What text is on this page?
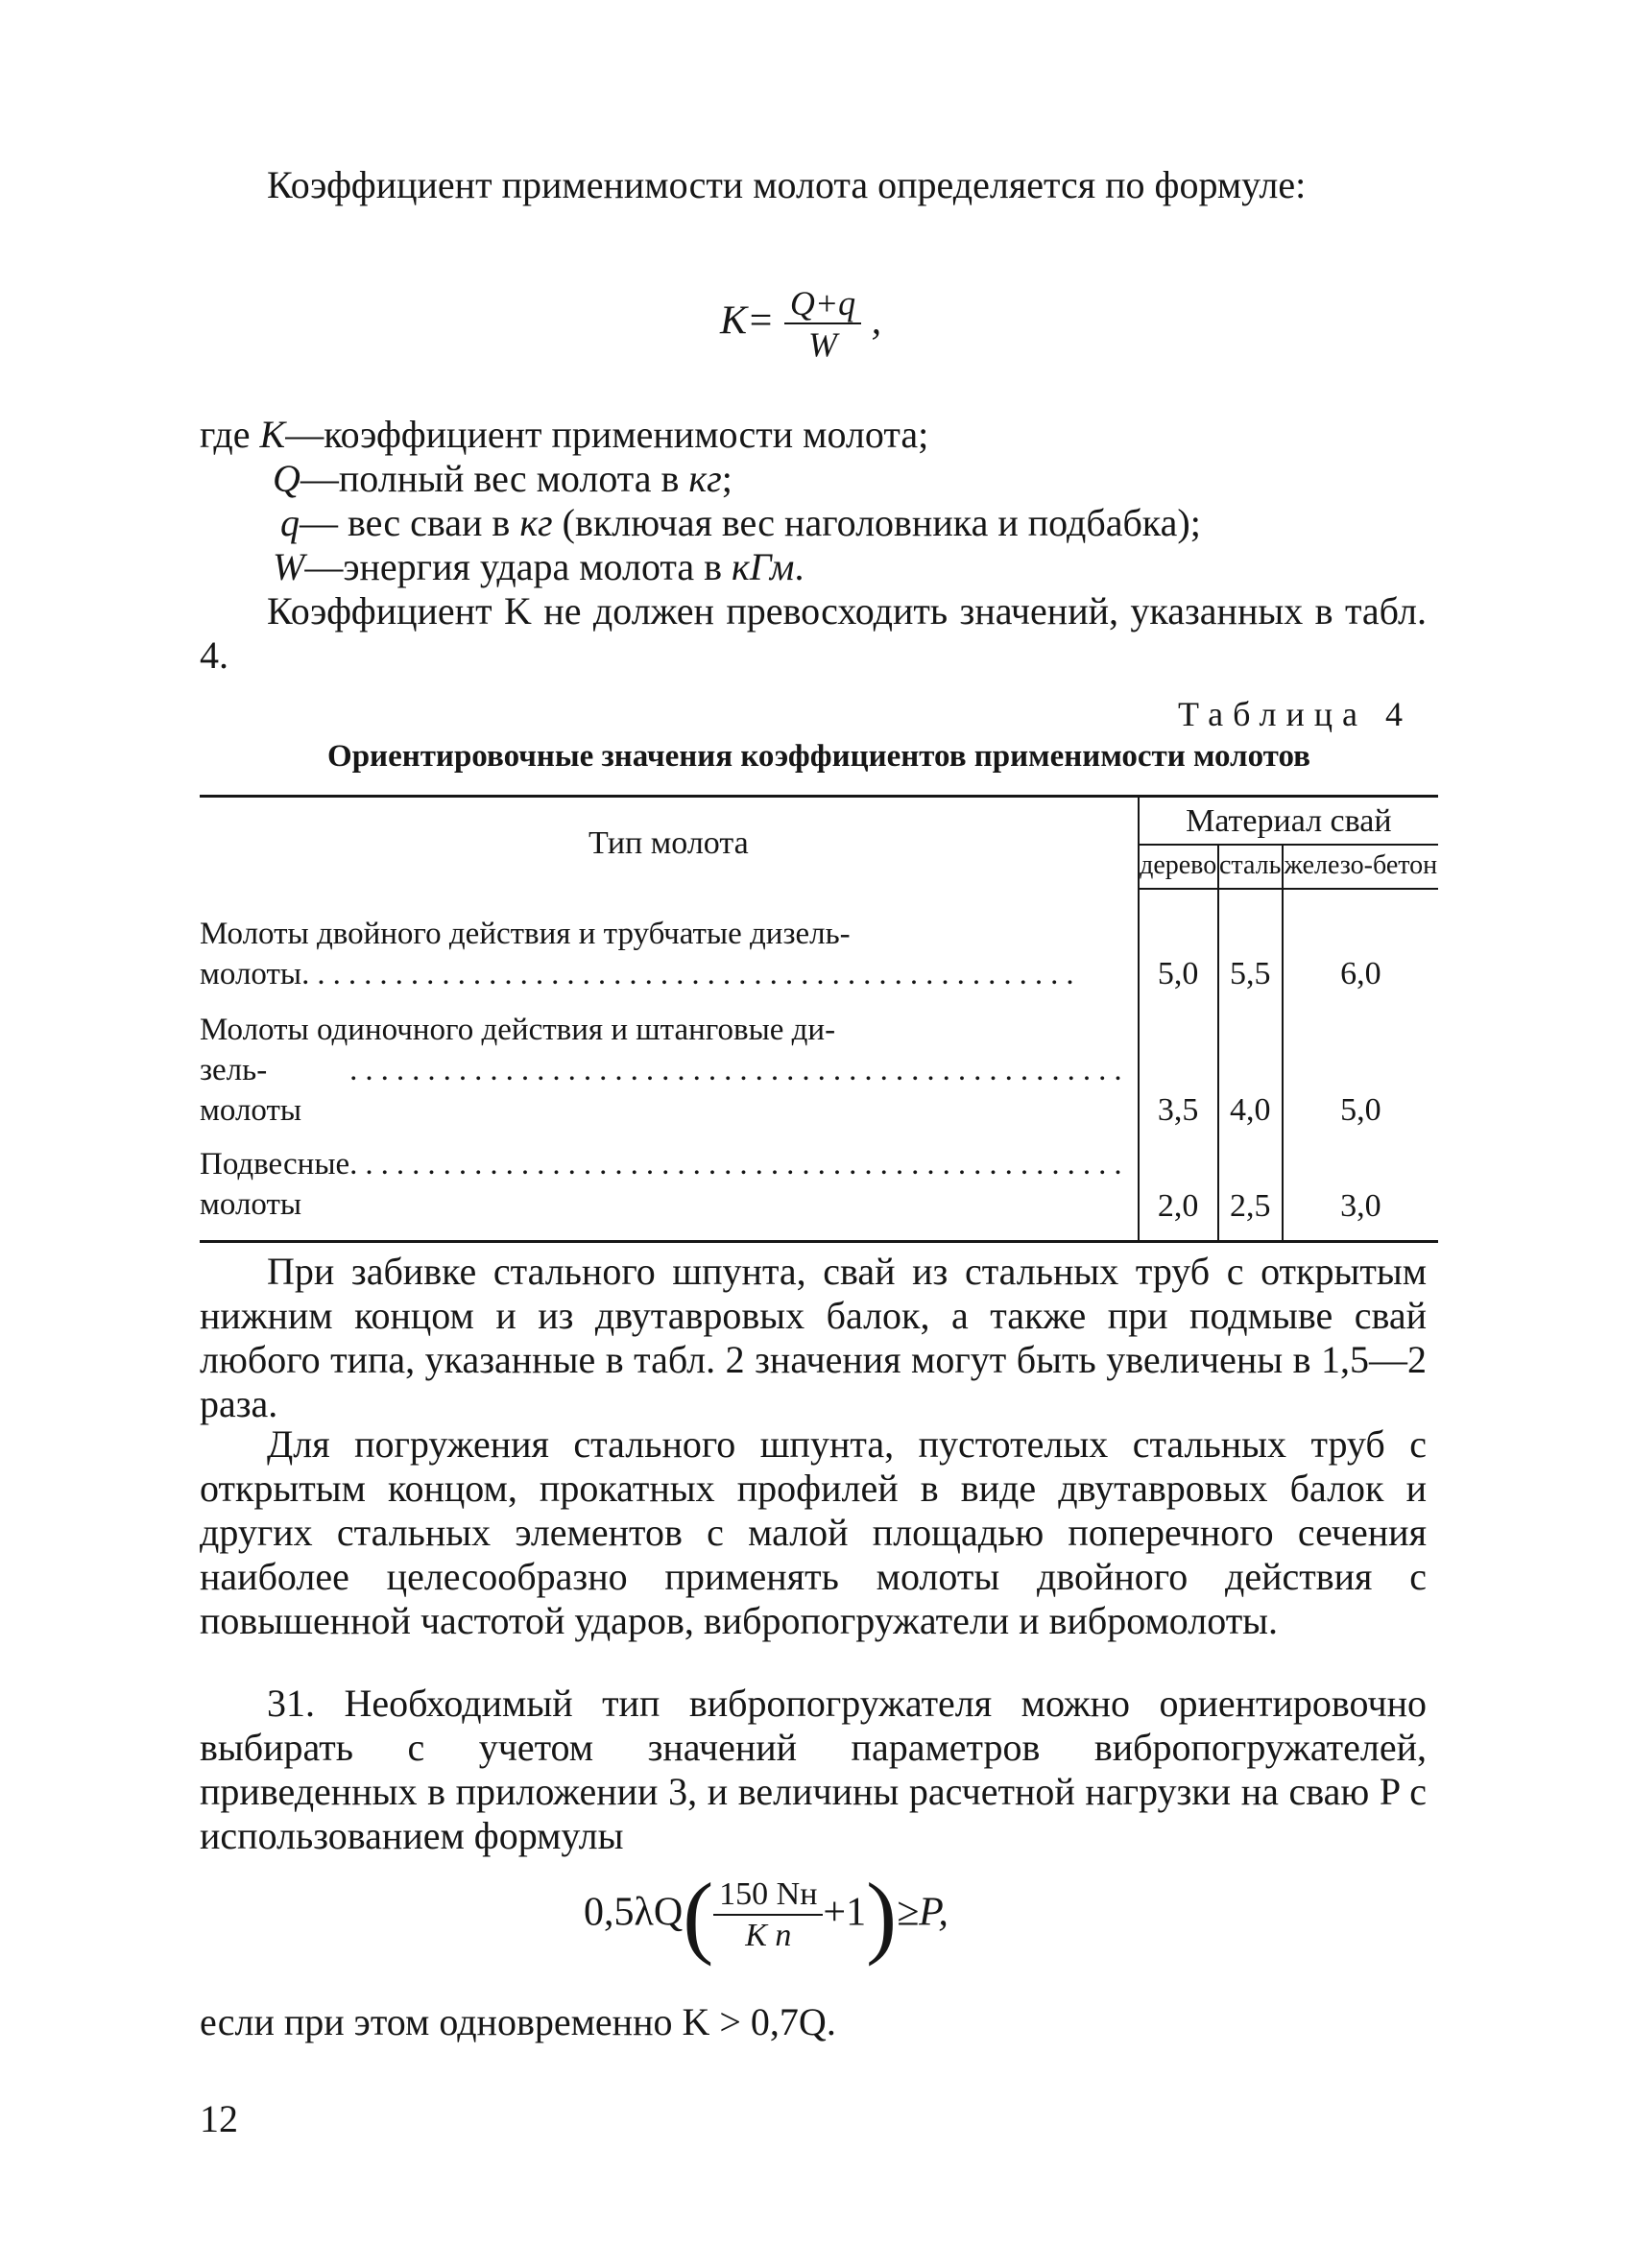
Коэффициент применимости молота определяется по формуле:
$K= \frac{Q+q}{W}$ ,
где K—коэффициент применимости молота;
Q—полный вес молота в кг;
q— вес сваи в кг (включая вес наголовника и подбабка);
W—энергия удара молота в кГм.
Коэффициент K не должен превосходить значений, указанных в табл. 4.
Таблица 4
Ориентировочные значения коэффициентов применимости молотов
Тип молота	Материал свай		
	дерево	сталь	железо-бетон

Молоты двойного действия и трубчатые дизель-
молоты ..................................................	5,0	5,5	6,0

Молоты одиночного действия и штанговые ди-
зель-молоты
..................................................	3,5	4,0	5,0

Подвесные молоты
..................................................	2,0	2,5	3,0
При забивке стального шпунта, свай из стальных труб с открытым нижним концом и из двутавровых балок, а также при подмыве свай любого типа, указанные в табл. 2 значения могут быть увеличены в 1,5—2 раза.
Для погружения стального шпунта, пустотелых стальных труб с открытым концом, прокатных профилей в виде двутавровых балок и других стальных элементов с малой площадью поперечного сечения наиболее целесообразно применять молоты двойного действия с повышенной частотой ударов, вибропогружатели и вибромолоты.
31. Необходимый тип вибропогружателя можно ориентировочно выбирать с учетом значений параметров вибропогружателей, приведенных в приложении 3, и величины расчетной нагрузки на сваю P с использованием формулы
$0,5\lambda Q( \frac{150 Nн}{\text{K n}} +1)\ge P$,
если при этом одновременно K > 0,7Q.
12
